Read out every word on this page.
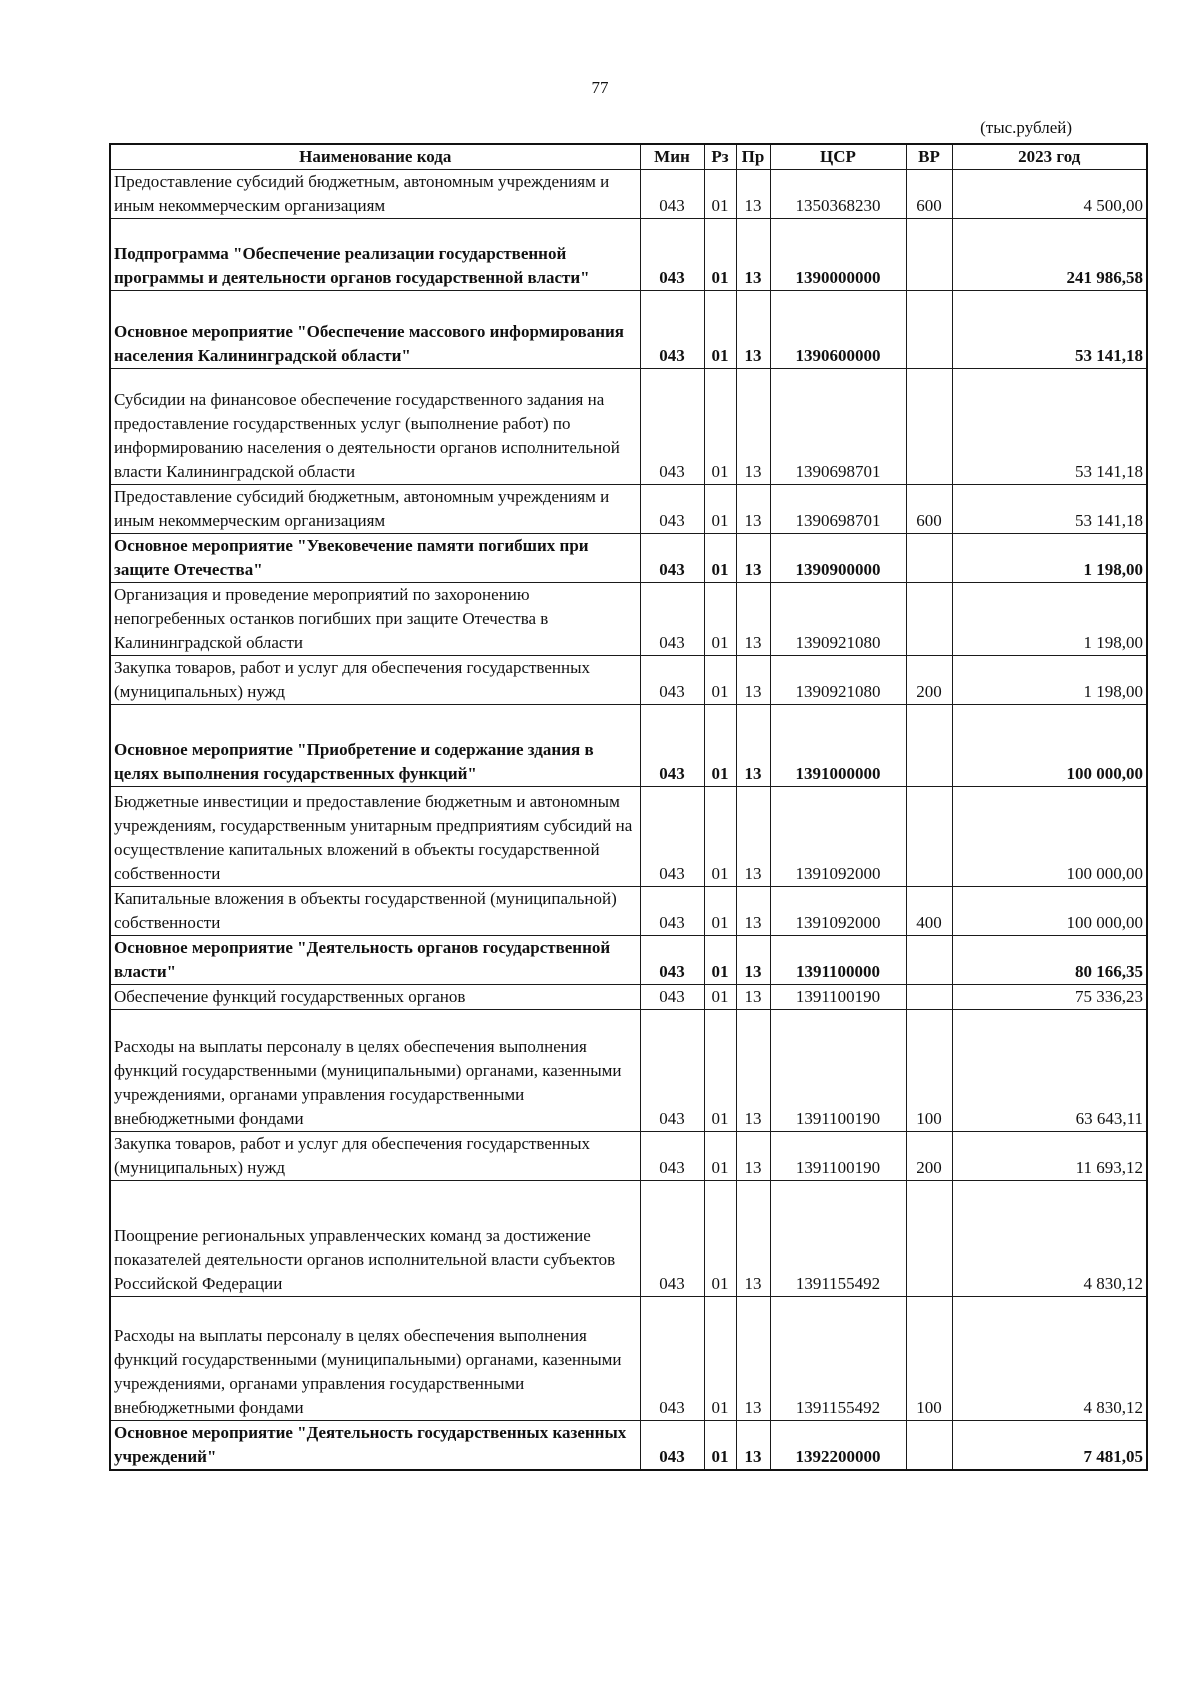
77
(тыс.рублей)
Наименование кода	Мин	Рз	Пр	ЦСР	ВР	2023 год
Предоставление субсидий бюджетным, автономным учреждениям и иным некоммерческим организациям	043	01	13	1350368230	600	4 500,00
Подпрограмма "Обеспечение реализации государственной программы и деятельности органов государственной власти"	043	01	13	1390000000		241 986,58
Основное мероприятие "Обеспечение массового информирования населения Калининградской области"	043	01	13	1390600000		53 141,18
Субсидии на финансовое обеспечение государственного задания на предоставление государственных услуг (выполнение работ) по информированию населения о деятельности органов исполнительной власти Калининградской области	043	01	13	1390698701		53 141,18
Предоставление субсидий бюджетным, автономным учреждениям и иным некоммерческим организациям	043	01	13	1390698701	600	53 141,18
Основное мероприятие "Увековечение памяти погибших при защите Отечества"	043	01	13	1390900000		1 198,00
Организация и проведение мероприятий по захоронению непогребенных останков погибших при защите Отечества в Калининградской области	043	01	13	1390921080		1 198,00
Закупка товаров, работ и услуг для обеспечения государственных (муниципальных) нужд	043	01	13	1390921080	200	1 198,00
Основное мероприятие "Приобретение и содержание здания в целях выполнения государственных функций"	043	01	13	1391000000		100 000,00
Бюджетные инвестиции и предоставление бюджетным и автономным учреждениям, государственным унитарным предприятиям субсидий на осуществление капитальных вложений в объекты государственной собственности	043	01	13	1391092000		100 000,00
Капитальные вложения в объекты государственной (муниципальной) собственности	043	01	13	1391092000	400	100 000,00
Основное мероприятие "Деятельность органов государственной власти"	043	01	13	1391100000		80 166,35
Обеспечение функций государственных органов	043	01	13	1391100190		75 336,23
Расходы на выплаты персоналу в целях обеспечения выполнения функций государственными (муниципальными) органами, казенными учреждениями, органами управления государственными внебюджетными фондами	043	01	13	1391100190	100	63 643,11
Закупка товаров, работ и услуг для обеспечения государственных (муниципальных) нужд	043	01	13	1391100190	200	11 693,12
Поощрение региональных управленческих команд за достижение показателей деятельности органов исполнительной власти субъектов Российской Федерации	043	01	13	1391155492		4 830,12
Расходы на выплаты персоналу в целях обеспечения выполнения функций государственными (муниципальными) органами, казенными учреждениями, органами управления государственными внебюджетными фондами	043	01	13	1391155492	100	4 830,12
Основное мероприятие "Деятельность государственных казенных учреждений"	043	01	13	1392200000		7 481,05
